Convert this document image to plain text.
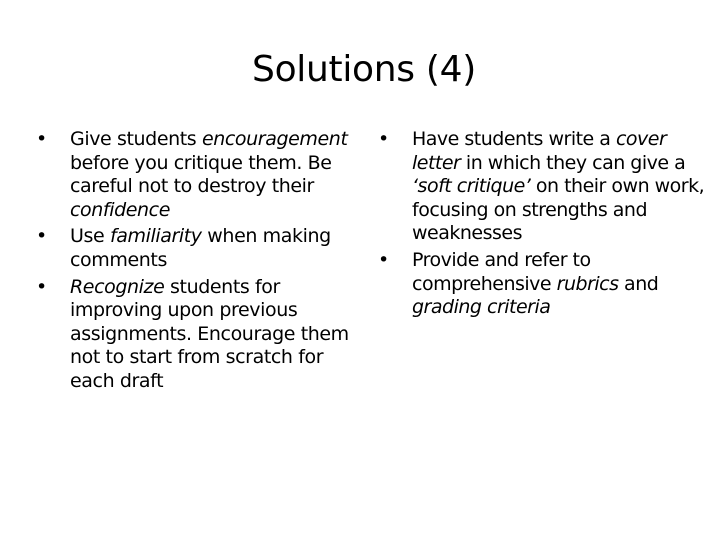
Solutions (4)
•	Give students encouragement before you critique them. Be careful not to destroy their confidence
•	Use familiarity when making comments
•	Recognize students for improving upon previous assignments. Encourage them not to start from scratch for each draft
•	Have students write a cover letter in which they can give a ‘soft critique’ on their own work, focusing on strengths and weaknesses
•	Provide and refer to comprehensive rubrics and grading criteria
